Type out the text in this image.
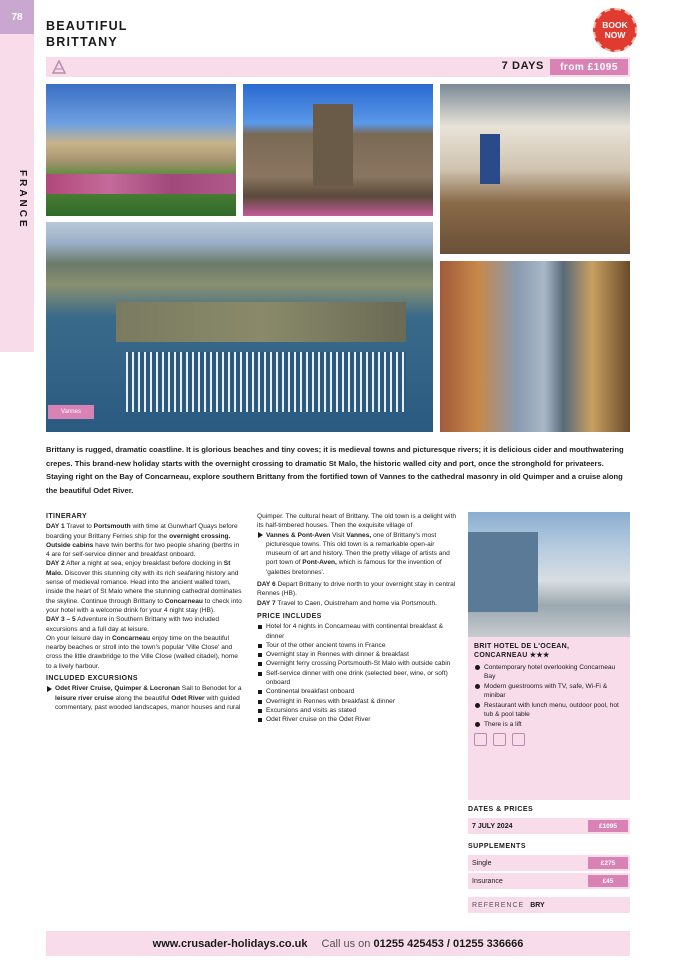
78
FRANCE
BEAUTIFUL
BRITTANY
BOOK
NOW
7 DAYS	from £1095
Vannes
Brittany is rugged, dramatic coastline. It is glorious beaches and tiny coves; it is medieval towns and picturesque rivers; it is delicious cider and mouthwatering crepes. This brand-new holiday starts with the overnight crossing to dramatic St Malo, the historic walled city and port, once the stronghold for privateers. Staying right on the Bay of Concarneau, explore southern Brittany from the fortified town of Vannes to the cathedral masonry in old Quimper and a cruise along the beautiful Odet River.
ITINERARY

DAY 1 Travel to Portsmouth with time at Gunwharf Quays before boarding your Brittany Ferries ship for the overnight crossing. Outside cabins have twin berths for two people sharing (berths in 4 are for self-service dinner and breakfast onboard.

DAY 2 After a night at sea, enjoy breakfast before docking in St Malo. Discover this stunning city with its rich seafaring history and sense of medieval romance. Head into the ancient walled town, inside the heart of St Malo where the stunning cathedral dominates the skyline. Continue through Brittany to Concarneau to check into your hotel with a welcome drink for your 4 night stay (HB).

DAY 3 – 5 Adventure in Southern Brittany with two included excursions and a full day at leisure.

On your leisure day in Concarneau enjoy time on the beautiful nearby beaches or stroll into the town's popular 'Ville Close' and cross the little drawbridge to the Ville Close (walled citadel), home to a lively harbour.

INCLUDED EXCURSIONS
Odet River Cruise, Quimper & Locronan Sail to Benodet for a leisure river cruise along the beautiful Odet River with guided commentary, past wooded landscapes, manor houses and rural

Quimper. The cultural heart of Brittany. The old town is a delight with its half-timbered houses. Then the exquisite village of

Vannes & Pont-Aven Visit Vannes, one of Brittany's most picturesque towns. This old town is a remarkable open-air museum of art and history. Then the pretty village of artists and port town of Pont-Aven, which is famous for the invention of 'galettes bretonnes'.

DAY 6 Depart Brittany to drive north to your overnight stay in central Rennes (HB).

DAY 7 Travel to Caen, Ouistreham and home via Portsmouth.

PRICE INCLUDES
Hotel for 4 nights in Concarneau with continental breakfast & dinner
Tour of the other ancient towns in France
Overnight stay in Rennes with dinner & breakfast
Overnight ferry crossing Portsmouth-St Malo with outside cabin
Self-service dinner with one drink (selected beer, wine, or soft) onboard
Continental breakfast onboard
Overnight in Rennes with breakfast & dinner
Excursions and visits as stated
Odet River cruise on the Odet River
BRIT HOTEL DE L'OCEAN, CONCARNEAU ★★★
Contemporary hotel overlooking Concarneau Bay
Modern guestrooms with TV, safe, Wi-Fi & minibar
Restaurant with lunch menu, outdoor pool, hot tub & pool table
There is a lift
DATES & PRICES
7 JULY 2024	£1095
SUPPLEMENTS
Single	£275
Insurance	£45
REFERENCE BRY
www.crusader-holidays.co.uk Call us on 01255 425453 / 01255 336666
